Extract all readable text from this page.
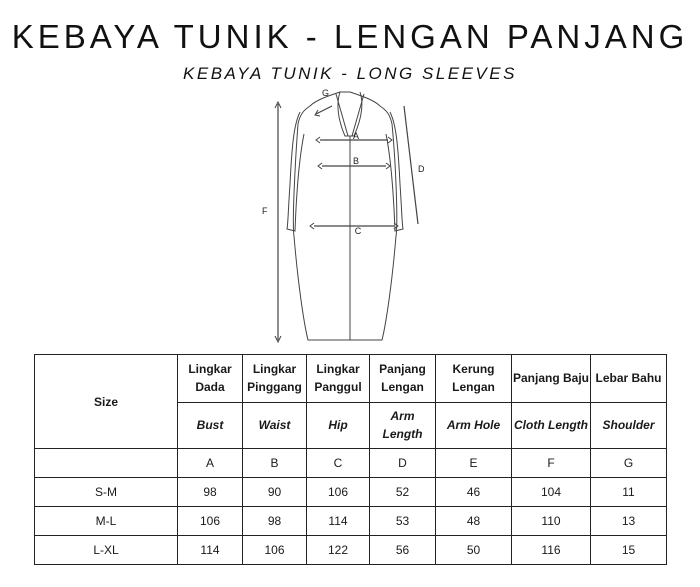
KEBAYA TUNIK - LENGAN PANJANG
KEBAYA TUNIK - LONG SLEEVES
A
B
C
D
F
G
Size	Lingkar Dada	Lingkar Pinggang	Lingkar Panggul	Panjang Lengan	Kerung Lengan	Panjang Baju	Lebar Bahu
	Bust	Waist	Hip	Arm Length	Arm Hole	Cloth Length	Shoulder
	A	B	C	D	E	F	G
S-M	98	90	106	52	46	104	11
M-L	106	98	114	53	48	110	13
L-XL	114	106	122	56	50	116	15
